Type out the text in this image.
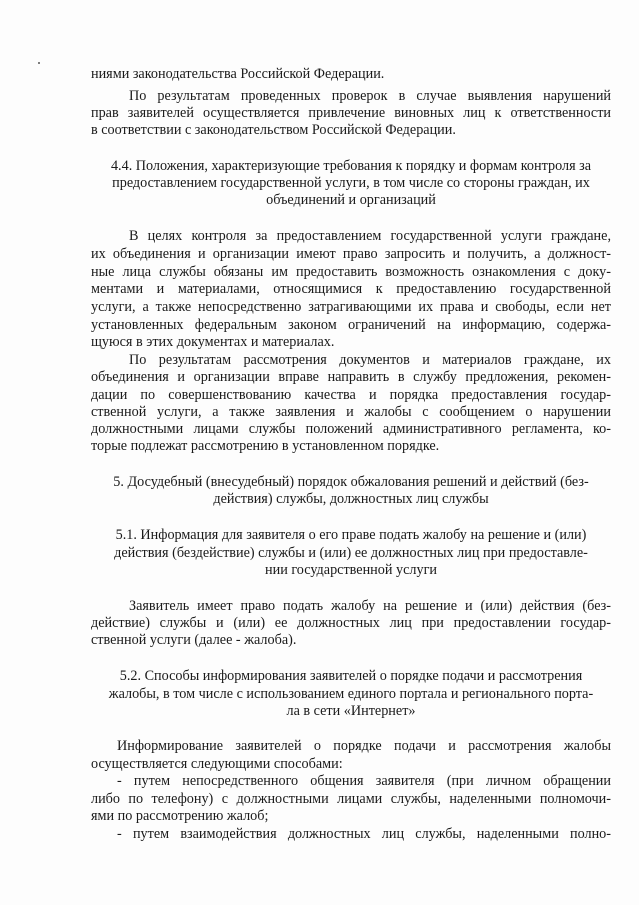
ниями законодательства Российской Федерации.
По результатам проведенных проверок в случае выявления нарушений
прав заявителей осуществляется привлечение виновных лиц к ответственности
в соответствии с законодательством Российской Федерации.
4.4. Положения, характеризующие требования к порядку и формам контроля за
предоставлением государственной услуги, в том числе со стороны граждан, их
объединений и организаций
В целях контроля за предоставлением государственной услуги граждане,
их объединения и организации имеют право запросить и получить, а должност-
ные лица службы обязаны им предоставить возможность ознакомления с доку-
ментами и материалами, относящимися к предоставлению государственной
услуги, а также непосредственно затрагивающими их права и свободы, если нет
установленных федеральным законом ограничений на информацию, содержа-
щуюся в этих документах и материалах.
По результатам рассмотрения документов и материалов граждане, их
объединения и организации вправе направить в службу предложения, рекомен-
дации по совершенствованию качества и порядка предоставления государ-
ственной услуги, а также заявления и жалобы с сообщением о нарушении
должностными лицами службы положений административного регламента, ко-
торые подлежат рассмотрению в установленном порядке.
5. Досудебный (внесудебный) порядок обжалования решений и действий (без-
действия) службы, должностных лиц службы
5.1. Информация для заявителя о его праве подать жалобу на решение и (или)
действия (бездействие) службы и (или) ее должностных лиц при предоставле-
нии государственной услуги
Заявитель имеет право подать жалобу на решение и (или) действия (без-
действие) службы и (или) ее должностных лиц при предоставлении государ-
ственной услуги (далее - жалоба).
5.2. Способы информирования заявителей о порядке подачи и рассмотрения
жалобы, в том числе с использованием единого портала и регионального порта-
ла в сети «Интернет»
Информирование заявителей о порядке подачи и рассмотрения жалобы
осуществляется следующими способами:
- путем непосредственного общения заявителя (при личном обращении
либо по телефону) с должностными лицами службы, наделенными полномочи-
ями по рассмотрению жалоб;
- путем взаимодействия должностных лиц службы, наделенными полно-
